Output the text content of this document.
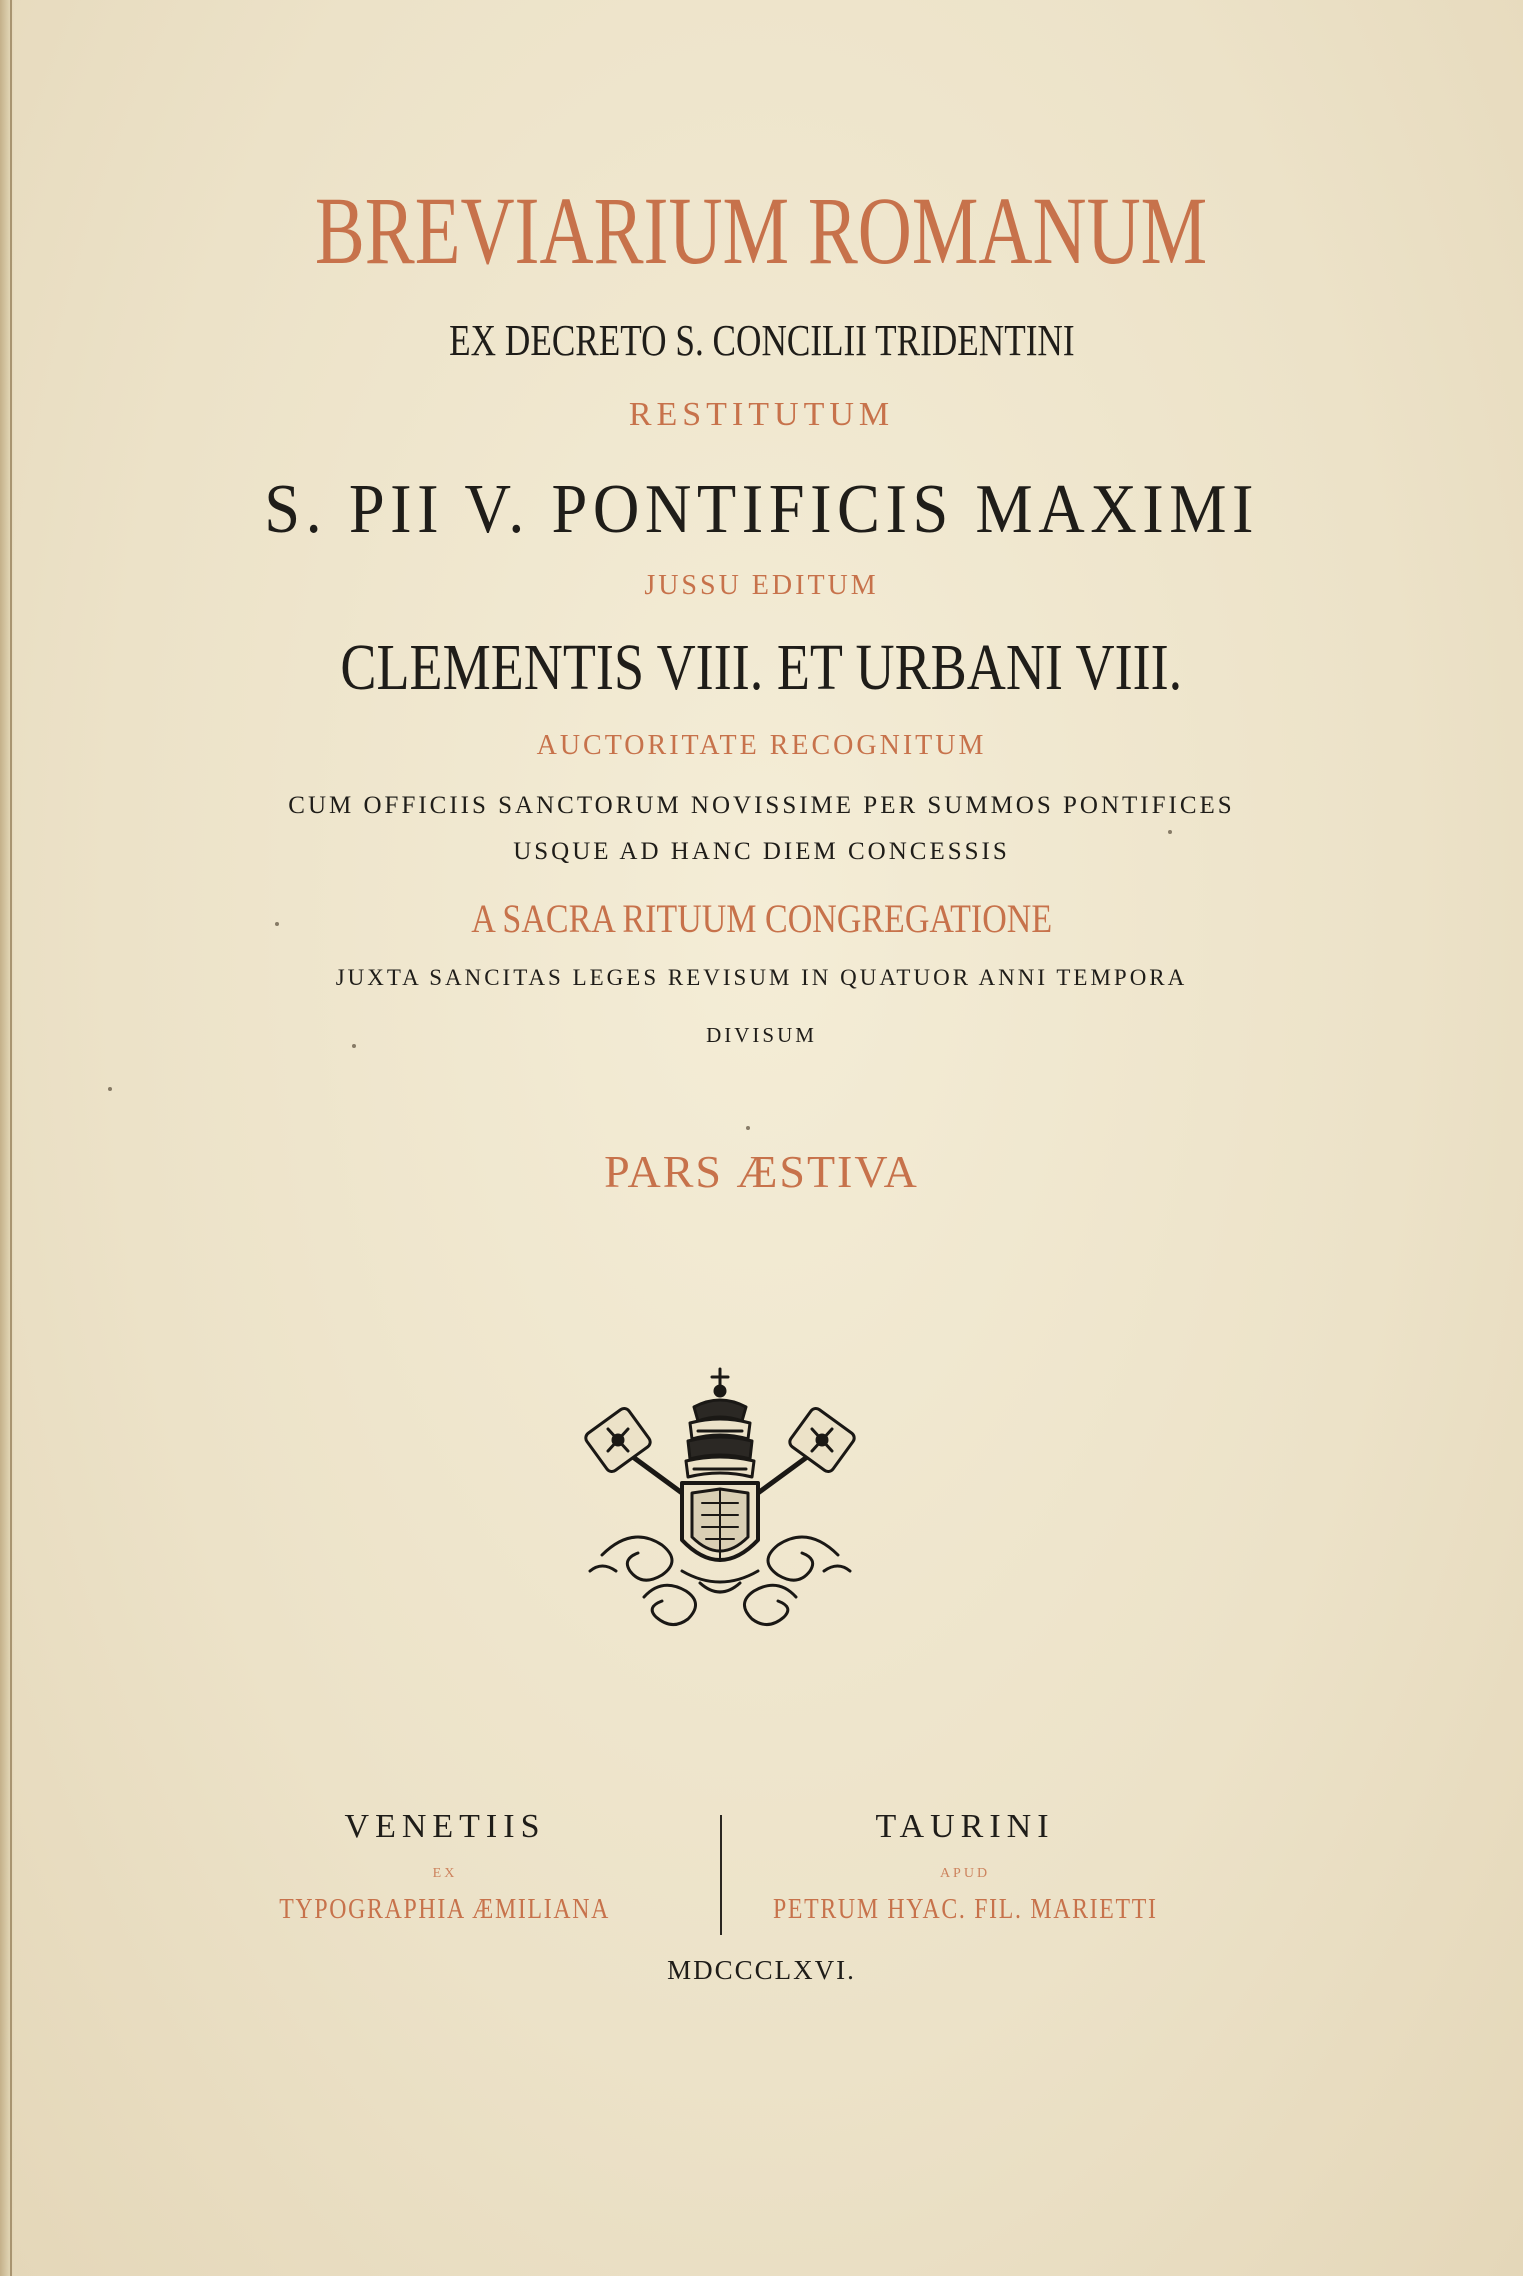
BREVIARIUM ROMANUM
EX DECRETO S. CONCILII TRIDENTINI
RESTITUTUM
S. PII V. PONTIFICIS MAXIMI
JUSSU EDITUM
CLEMENTIS VIII. ET URBANI VIII.
AUCTORITATE RECOGNITUM
CUM OFFICIIS SANCTORUM NOVISSIME PER SUMMOS PONTIFICES
USQUE AD HANC DIEM CONCESSIS
A SACRA RITUUM CONGREGATIONE
JUXTA SANCITAS LEGES REVISUM IN QUATUOR ANNI TEMPORA
DIVISUM
PARS ÆSTIVA
VENETIIS
EX
TYPOGRAPHIA ÆMILIANA
TAURINI
APUD
PETRUM HYAC. FIL. MARIETTI
MDCCCLXVI.
